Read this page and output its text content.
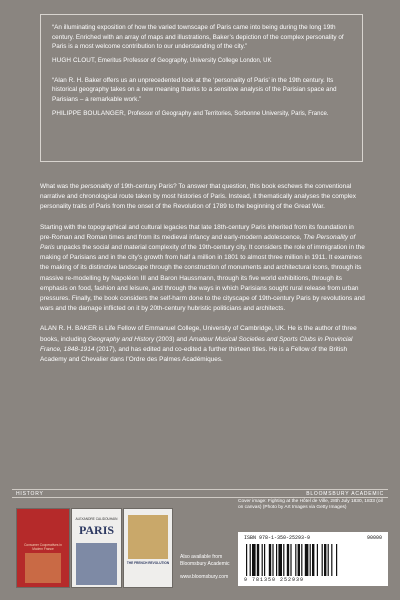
“An illuminating exposition of how the varied townscape of Paris came into being during the long 19th century. Enriched with an array of maps and illustrations, Baker’s depiction of the complex personality of Paris is a most welcome contribution to our understanding of the city.”
HUGH CLOUT, Emeritus Professor of Geography, University College London, UK
“Alan R. H. Baker offers us an unprecedented look at the ‘personality of Paris’ in the 19th century. Its historical geography takes on a new meaning thanks to a sensitive analysis of the Parisian space and Parisians – a remarkable work.”
PHILIPPE BOULANGER, Professor of Geography and Territories, Sorbonne University, Paris, France.

What was the personality of 19th-century Paris? To answer that question, this book eschews the conventional narrative and chronological route taken by most histories of Paris. Instead, it thematically analyses the complex personality traits of Paris from the onset of the Revolution of 1789 to the beginning of the Great War.

Starting with the topographical and cultural legacies that late 18th-century Paris inherited from its foundation in pre-Roman and Roman times and from its medieval infancy and early-modern adolescence, The Personality of Paris unpacks the social and material complexity of the 19th-century city. It considers the role of immigration in the making of Parisians and in the city’s growth from half a million in 1801 to almost three million in 1911. It examines the making of its distinctive landscape through the construction of monuments and architectural icons, through its massive re-modelling by Napoléon III and Baron Haussmann, through its five world exhibitions, through its emphasis on food, fashion and leisure, and through the ways in which Parisians sought rural release from urban pressures. Finally, the book considers the self-harm done to the cityscape of 19th-century Paris by revolutions and wars and the damage inflicted on it by 20th-century hubristic politicians and architects.

ALAN R. H. BAKER is Life Fellow of Emmanuel College, University of Cambridge, UK. He is the author of three books, including Geography and History (2003) and Amateur Musical Societies and Sports Clubs in Provincial France, 1848-1914 (2017), and has edited and co-edited a further thirteen titles. He is a Fellow of the British Academy and Chevalier dans l’Ordre des Palmes Académiques.

HISTORY	BLOOMSBURY ACADEMIC
Consumer Cooperatives in Modern France
ALEXANDRE CALIDOUHAIN
PARIS
THE FRENCH REVOLUTION
Also available from
Bloomsbury Academic
www.bloomsbury.com
Cover image: Fighting at the Hôtel de Ville, 28th July 1830, 1833 (oil on canvas) (Photo by Art Images via Getty Images)
ISBN 978-1-350-25293-9	90000
9 781350 252939
